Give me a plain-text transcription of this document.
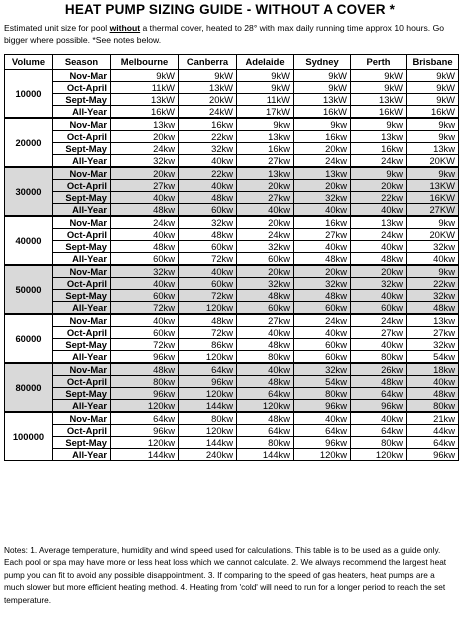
HEAT PUMP SIZING GUIDE - WITHOUT A COVER *
Estimated unit size for pool without a thermal cover, heated to 28° with max daily running time approx 10 hours. Go bigger where possible. *See notes below.
Volume	Season	Melbourne	Canberra	Adelaide	Sydney	Perth	Brisbane
10000	Nov-Mar	9kW	9kW	9kW	9kW	9kW	9kW
	Oct-April	11kW	13kW	9kW	9kW	9kW	9kW
	Sept-May	13kW	20kW	11kW	13kW	13kW	9kW
	All-Year	16kW	24kW	17kW	16kW	16kW	16kW
20000	Nov-Mar	13kw	16kw	9kw	9kw	9kw	9kw
	Oct-April	20kw	22kw	13kw	16kw	13kw	9kw
	Sept-May	24kw	32kw	16kw	20kw	16kw	13kw
	All-Year	32kw	40kw	27kw	24kw	24kw	20KW
30000	Nov-Mar	20kw	22kw	13kw	13kw	9kw	9kw
	Oct-April	27kw	40kw	20kw	20kw	20kw	13KW
	Sept-May	40kw	48kw	27kw	32kw	22kw	16KW
	All-Year	48kw	60kw	40kw	40kw	40kw	27KW
40000	Nov-Mar	24kw	32kw	20kw	16kw	13kw	9kw
	Oct-April	40kw	48kw	24kw	27kw	24kw	20KW
	Sept-May	48kw	60kw	32kw	40kw	40kw	32kw
	All-Year	60kw	72kw	60kw	48kw	48kw	40kw
50000	Nov-Mar	32kw	40kw	20kw	20kw	20kw	9kw
	Oct-April	40kw	60kw	32kw	32kw	32kw	22kw
	Sept-May	60kw	72kw	48kw	48kw	40kw	32kw
	All-Year	72kw	120kw	60kw	60kw	60kw	48kw
60000	Nov-Mar	40kw	48kw	27kw	24kw	24kw	13kw
	Oct-April	60kw	72kw	40kw	40kw	27kw	27kw
	Sept-May	72kw	86kw	48kw	60kw	40kw	32kw
	All-Year	96kw	120kw	80kw	60kw	80kw	54kw
80000	Nov-Mar	48kw	64kw	40kw	32kw	26kw	18kw
	Oct-April	80kw	96kw	48kw	54kw	48kw	40kw
	Sept-May	96kw	120kw	64kw	80kw	64kw	48kw
	All-Year	120kw	144kw	120kw	96kw	96kw	80kw
100000	Nov-Mar	64kw	80kw	48kw	40kw	40kw	21kw
	Oct-April	96kw	120kw	64kw	64kw	64kw	44kw
	Sept-May	120kw	144kw	80kw	96kw	80kw	64kw
	All-Year	144kw	240kw	144kw	120kw	120kw	96kw
Notes: 1. Average temperature, humidity and wind speed used for calculations. This table is to be used as a guide only. Each pool or spa may have more or less heat loss which we cannot calculate. 2. We always recommend the largest heat pump you can fit to avoid any possible disappointment. 3. If comparing to the speed of gas heaters, heat pumps are a much slower but more efficient heating method. 4. Heating from 'cold' will need to run for a longer period to reach the set temperature.
